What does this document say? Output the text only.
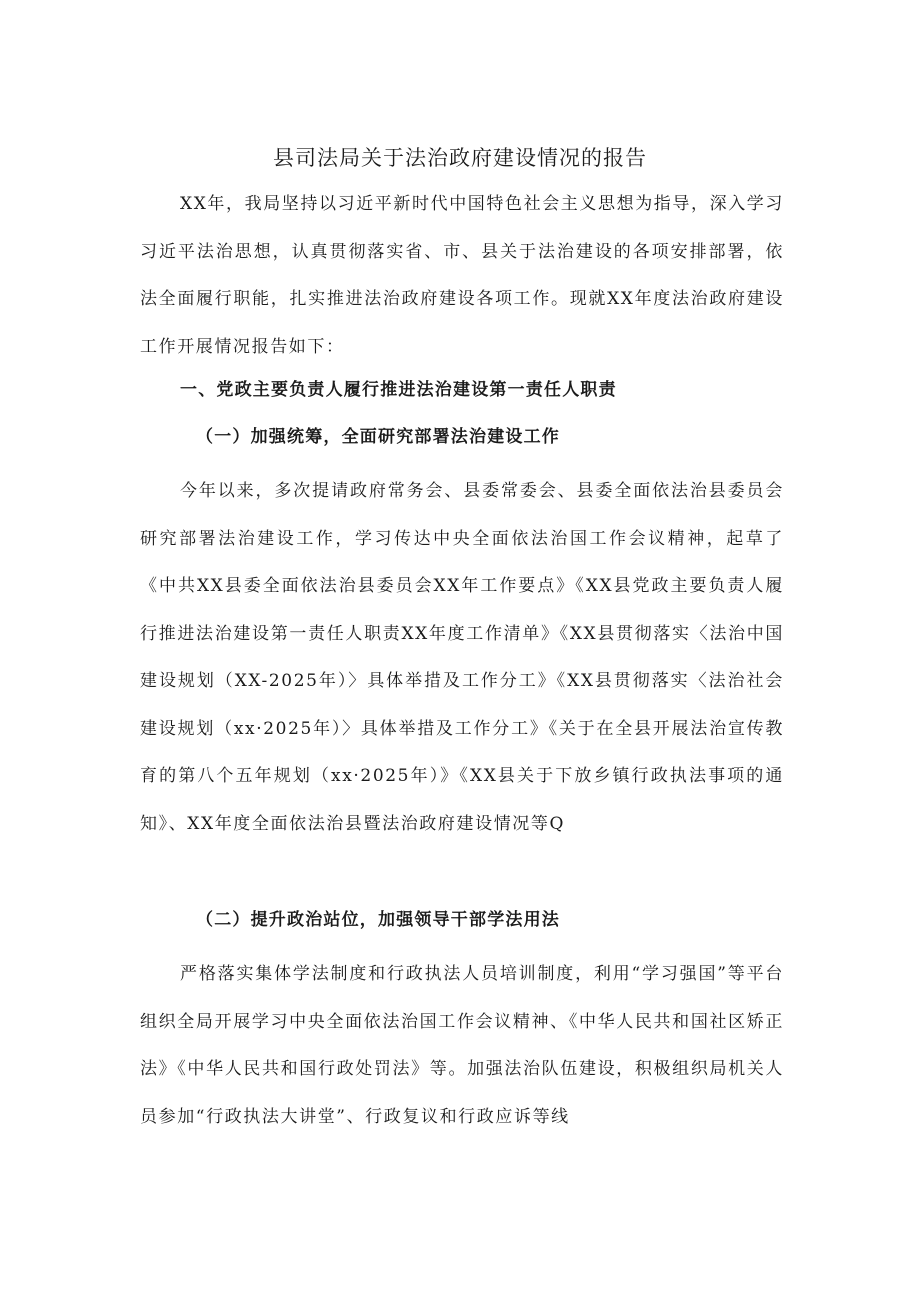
县司法局关于法治政府建设情况的报告

XX年，我局坚持以习近平新时代中国特色社会主义思想为指导，深入学习习近平法治思想，认真贯彻落实省、市、县关于法治建设的各项安排部署，依法全面履行职能，扎实推进法治政府建设各项工作。现就XX年度法治政府建设工作开展情况报告如下：

一、党政主要负责人履行推进法治建设第一责任人职责
（一）加强统筹，全面研究部署法治建设工作

今年以来，多次提请政府常务会、县委常委会、县委全面依法治县委员会研究部署法治建设工作，学习传达中央全面依法治国工作会议精神，起草了《中共XX县委全面依法治县委员会XX年工作要点》《XX县党政主要负责人履行推进法治建设第一责任人职责XX年度工作清单》《XX县贯彻落实〈法治中国建设规划（XX-2025年）〉具体举措及工作分工》《XX县贯彻落实〈法治社会建设规划（xx·2025年）〉具体举措及工作分工》《关于在全县开展法治宣传教育的第八个五年规划（xx·2025年）》《XX县关于下放乡镇行政执法事项的通知》、XX年度全面依法治县暨法治政府建设情况等Q

（二）提升政治站位，加强领导干部学法用法

严格落实集体学法制度和行政执法人员培训制度，利用“学习强国”等平台组织全局开展学习中央全面依法治国工作会议精神、《中华人民共和国社区矫正法》《中华人民共和国行政处罚法》等。加强法治队伍建设，积极组织局机关人员参加“行政执法大讲堂”、行政复议和行政应诉等线
